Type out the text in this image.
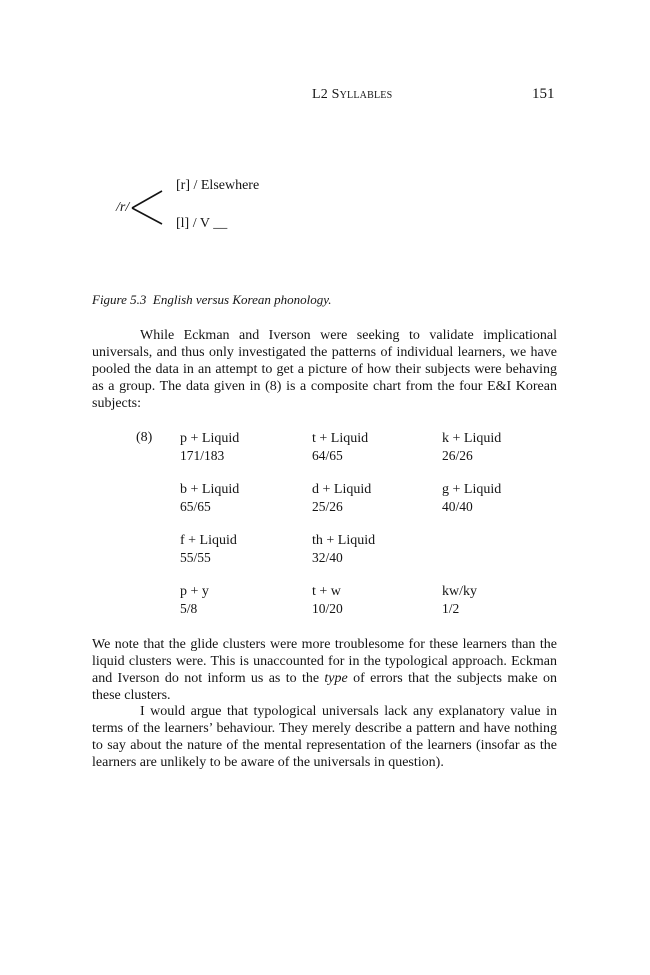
L2 Syllables	151
/r/
[r] / Elsewhere
[l] / V __
Figure 5.3  English versus Korean phonology.
While Eckman and Iverson were seeking to validate implicational universals, and thus only investigated the patterns of individual learners, we have pooled the data in an attempt to get a picture of how their subjects were behaving as a group. The data given in (8) is a composite chart from the four E&I Korean subjects:
(8) p + Liquid
171/183
t + Liquid
64/65
k + Liquid
26/26
b + Liquid
65/65
d + Liquid
25/26
g + Liquid
40/40
f + Liquid
55/55
th + Liquid
32/40
p + y
5/8
t + w
10/20
kw/ky
1/2
We note that the glide clusters were more troublesome for these learners than the liquid clusters were. This is unaccounted for in the typological approach. Eckman and Iverson do not inform us as to the type of errors that the subjects make on these clusters.
I would argue that typological universals lack any explanatory value in terms of the learners’ behaviour. They merely describe a pattern and have nothing to say about the nature of the mental representation of the learners (insofar as the learners are unlikely to be aware of the universals in question).
